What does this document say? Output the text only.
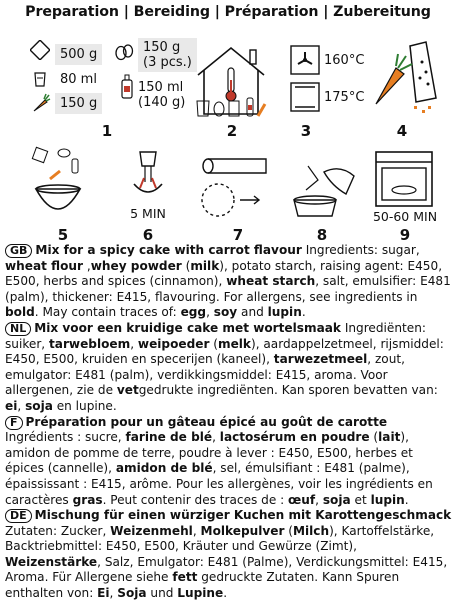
Preparation | Bereiding | Préparation | Zubereitung
500 g	150 g
(3 pcs.)
80 ml
150 ml
(140 g)
150 g
160°C
175°C
1	2	3	4
5 MIN	50-60 MIN
5	6	7	8	9

GB Mix for a spicy cake with carrot flavour Ingredients: sugar, wheat flour ,whey powder (milk), potato starch, raising agent: E450, E500, herbs and spices (cinnamon), wheat starch, salt, emulsifier: E481 (palm), thickener: E415, flavouring. For allergens, see ingredients in bold. May contain traces of: egg, soy and lupin.

NL Mix voor een kruidige cake met wortelsmaak Ingrediënten: suiker, tarwebloem, weipoeder (melk), aardappelzetmeel, rijsmiddel: E450, E500, kruiden en specerijen (kaneel), tarwezetmeel, zout, emulgator: E481 (palm), verdikkingsmiddel: E415, aroma. Voor allergenen, zie de vetgedrukte ingrediënten. Kan sporen bevatten van: ei, soja en lupine.

F Préparation pour un gâteau épicé au goût de carotte Ingrédients : sucre, farine de blé, lactosérum en poudre (lait), amidon de pomme de terre, poudre à lever : E450, E500, herbes et épices (cannelle), amidon de blé, sel, émulsifiant : E481 (palme), épaississant : E415, arôme. Pour les allergènes, voir les ingrédients en caractères gras. Peut contenir des traces de : œuf, soja et lupin.

DE Mischung für einen würziger Kuchen mit Karottengeschmack Zutaten: Zucker, Weizenmehl, Molkepulver (Milch), Kartoffelstärke, Backtriebmittel: E450, E500, Kräuter und Gewürze (Zimt), Weizenstärke, Salz, Emulgator: E481 (Palme), Verdickungsmittel: E415, Aroma. Für Allergene siehe fett gedruckte Zutaten. Kann Spuren enthalten von: Ei, Soja und Lupine.
